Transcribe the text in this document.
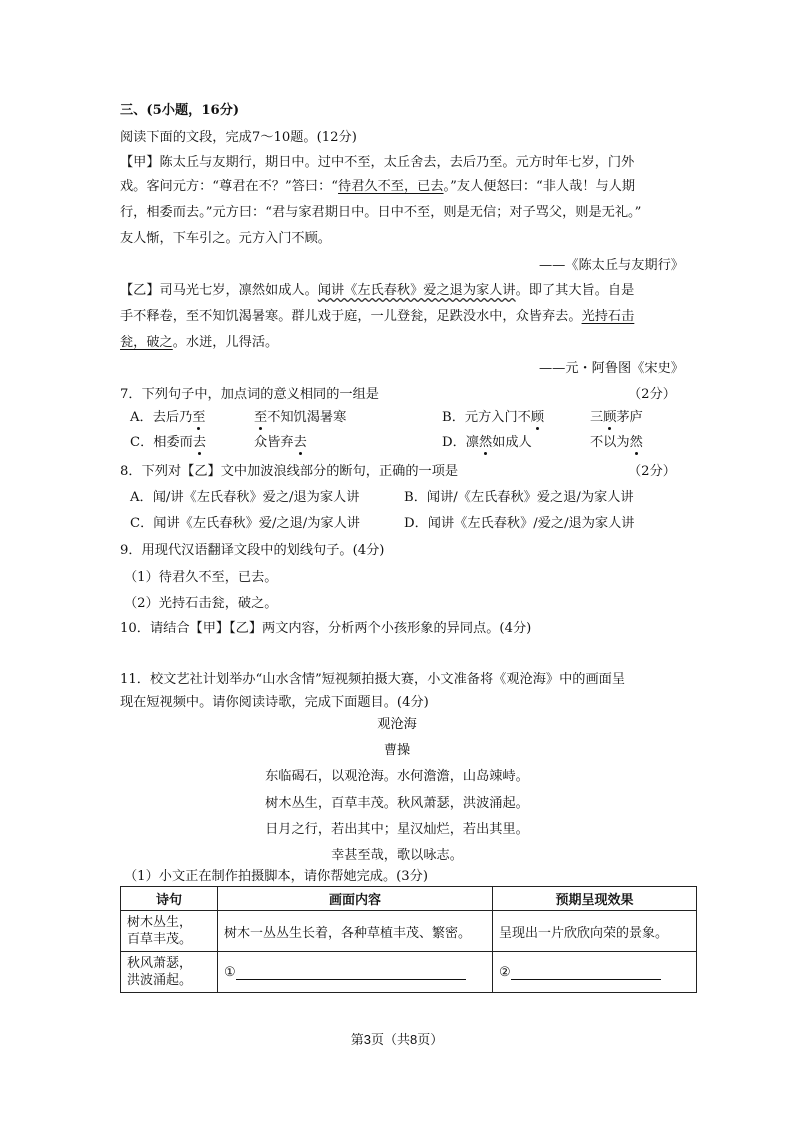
三、(5小题，16分)
阅读下面的文段，完成7～10题。(12分)
【甲】陈太丘与友期行，期日中。过中不至，太丘舍去，去后乃至。元方时年七岁，门外
戏。客问元方：“尊君在不？”答曰：“待君久不至，已去。”友人便怒曰：“非人哉！与人期
行，相委而去。”元方曰：“君与家君期日中。日中不至，则是无信；对子骂父，则是无礼。”
友人惭，下车引之。元方入门不顾。
——《陈太丘与友期行》
【乙】司马光七岁，凛然如成人。闻讲《左氏春秋》爱之退为家人讲。即了其大旨。自是
手不释卷，至不知饥渴暑寒。群儿戏于庭，一儿登瓮，足跌没水中，众皆弃去。光持石击
瓮，破之。水迸，儿得活。
——元・阿鲁图《宋史》
7．下列句子中，加点词的意义相同的一组是	（2分）
A．去后乃至	至不知饥渴暑寒	B．元方入门不顾	三顾茅庐
C．相委而去	众皆弃去	D．凛然如成人	不以为然
8．下列对【乙】文中加波浪线部分的断句，正确的一项是	（2分）
A．闻/讲《左氏春秋》爱之/退为家人讲	B．闻讲/《左氏春秋》爱之退/为家人讲
C．闻讲《左氏春秋》爱/之退/为家人讲	D．闻讲《左氏春秋》/爱之/退为家人讲
9．用现代汉语翻译文段中的划线句子。(4分)
（1）待君久不至，已去。
（2）光持石击瓮，破之。
10．请结合【甲】【乙】两文内容，分析两个小孩形象的异同点。(4分)
11．校文艺社计划举办“山水含情”短视频拍摄大赛，小文准备将《观沧海》中的画面呈
现在短视频中。请你阅读诗歌，完成下面题目。(4分)
观沧海
曹操
东临碣石，以观沧海。水何澹澹，山岛竦峙。
树木丛生，百草丰茂。秋风萧瑟，洪波涌起。
日月之行，若出其中；星汉灿烂，若出其里。
幸甚至哉，歌以咏志。
（1）小文正在制作拍摄脚本，请你帮她完成。(3分)
诗句	画面内容	预期呈现效果
树木丛生，
百草丰茂。	树木一丛丛生长着，各种草植丰茂、繁密。	呈现出一片欣欣向荣的景象。
秋风萧瑟，
洪波涌起。	①	②
第3页（共8页）
